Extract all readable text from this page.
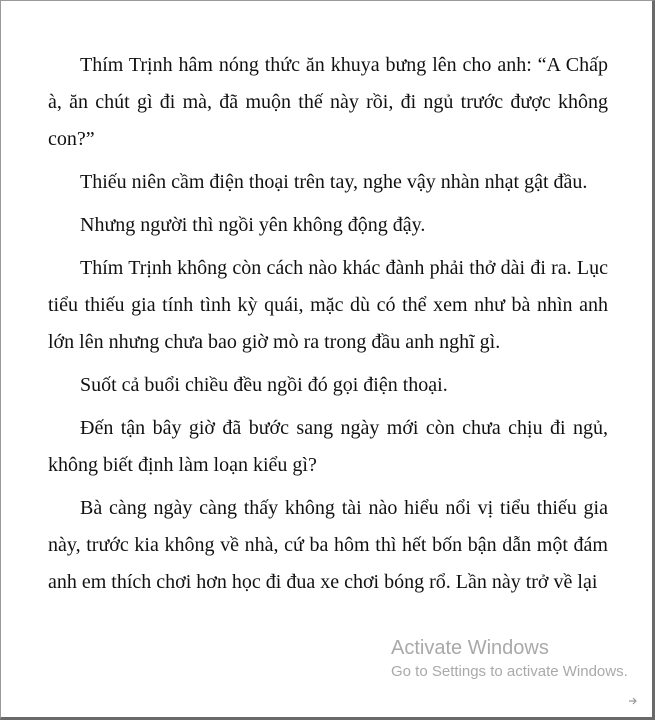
Thím Trịnh hâm nóng thức ăn khuya bưng lên cho anh: “A Chấp à, ăn chút gì đi mà, đã muộn thế này rồi, đi ngủ trước được không con?”

Thiếu niên cầm điện thoại trên tay, nghe vậy nhàn nhạt gật đầu.

Nhưng người thì ngồi yên không động đậy.

Thím Trịnh không còn cách nào khác đành phải thở dài đi ra. Lục tiểu thiếu gia tính tình kỳ quái, mặc dù có thể xem như bà nhìn anh lớn lên nhưng chưa bao giờ mò ra trong đầu anh nghĩ gì.

Suốt cả buổi chiều đều ngồi đó gọi điện thoại.

Đến tận bây giờ đã bước sang ngày mới còn chưa chịu đi ngủ, không biết định làm loạn kiểu gì?

Bà càng ngày càng thấy không tài nào hiểu nổi vị tiểu thiếu gia này, trước kia không về nhà, cứ ba hôm thì hết bốn bận dẫn một đám anh em thích chơi hơn học đi đua xe chơi bóng rổ. Lần này trở về lại

Activate Windows
Go to Settings to activate Windows.
